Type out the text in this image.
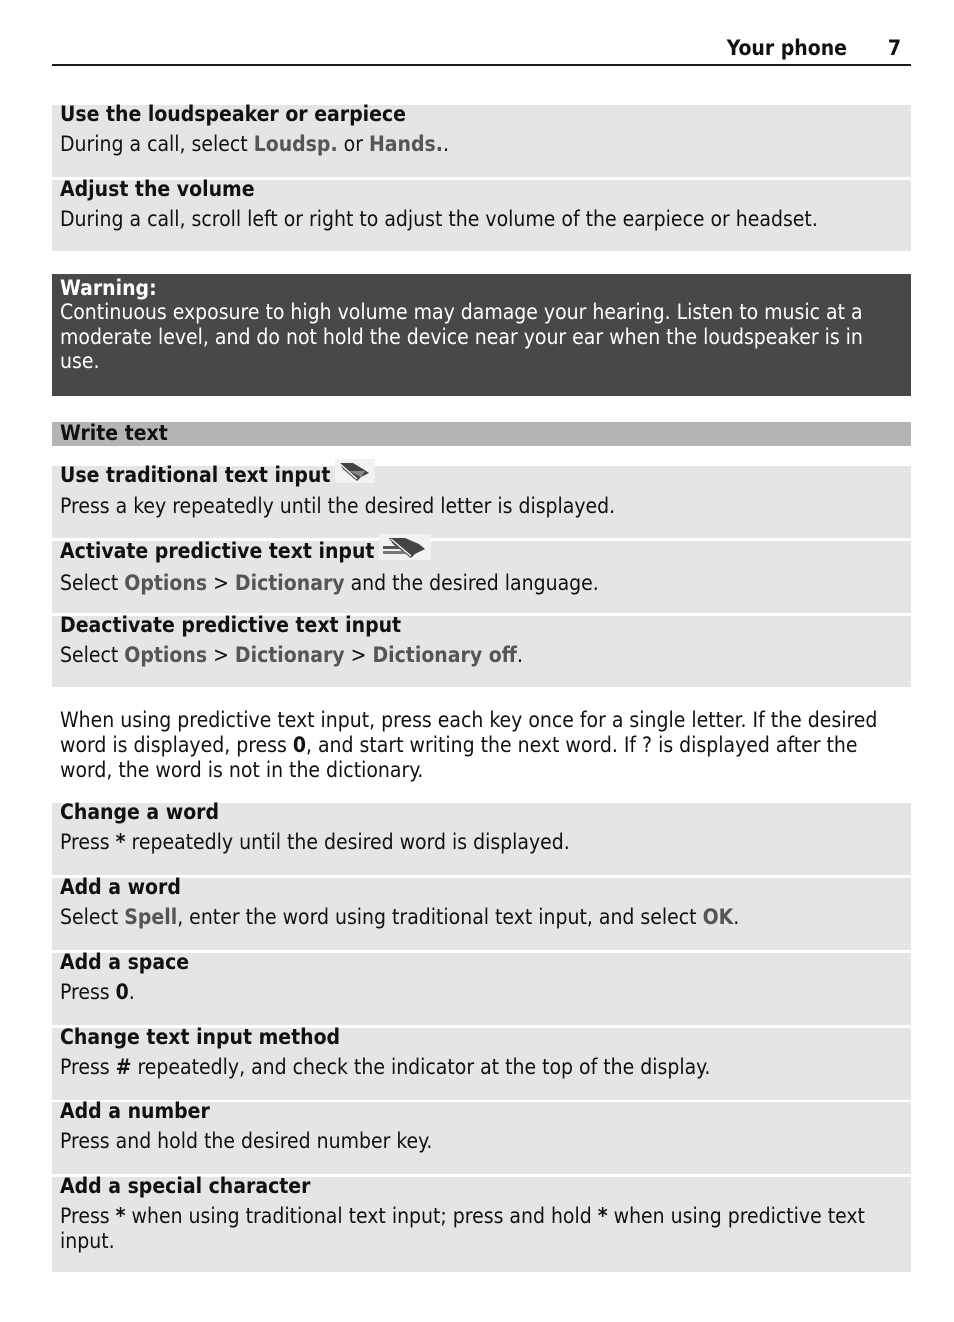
Your phone 7
Use the loudspeaker or earpiece
During a call, select Loudsp. or Hands..
Adjust the volume
During a call, scroll left or right to adjust the volume of the earpiece or headset.
Warning:
Continuous exposure to high volume may damage your hearing. Listen to music at a moderate level, and do not hold the device near your ear when the loudspeaker is in use.
Write text
Use traditional text input
Press a key repeatedly until the desired letter is displayed.
Activate predictive text input
Select Options > Dictionary and the desired language.
Deactivate predictive text input
Select Options > Dictionary > Dictionary off.
When using predictive text input, press each key once for a single letter. If the desired word is displayed, press 0, and start writing the next word. If ? is displayed after the word, the word is not in the dictionary.
Change a word
Press * repeatedly until the desired word is displayed.
Add a word
Select Spell, enter the word using traditional text input, and select OK.
Add a space
Press 0.
Change text input method
Press # repeatedly, and check the indicator at the top of the display.
Add a number
Press and hold the desired number key.
Add a special character
Press * when using traditional text input; press and hold * when using predictive text input.
